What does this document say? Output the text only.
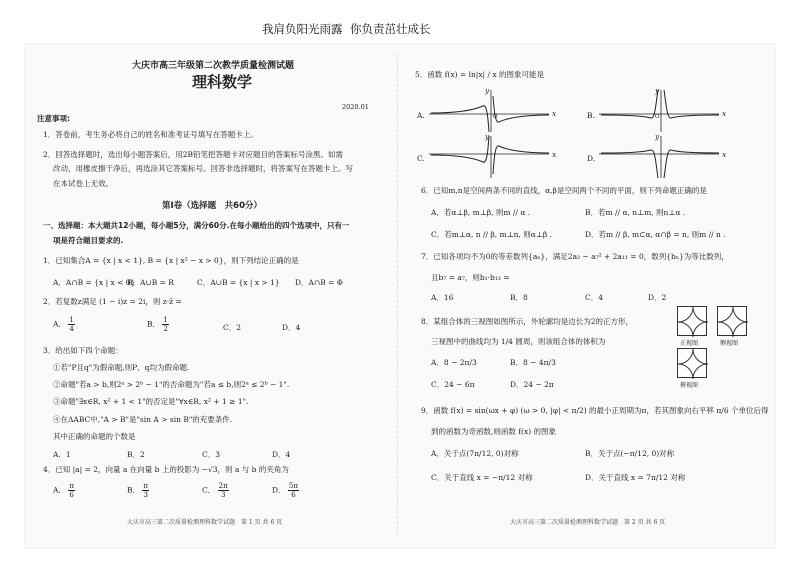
我肩负阳光雨露 你负责茁壮成长
大庆市高三年级第二次教学质量检测试题
理科数学
2020.01
注意事项:
1．答卷前，考生务必将自己的姓名和准考证号填写在答题卡上。
2．回答选择题时，选出每小题答案后，用2B铅笔把答题卡对应题目的答案标号涂黑。如需
改动，用橡皮擦干净后，再选涂其它答案标号。回答非选择题时，将答案写在答题卡上。写
在本试卷上无效。
第Ⅰ卷（选择题　共60分）
一、选择题：本大题共12小题，每小题5分，满分60分.在每小题给出的四个选项中，只有一
项是符合题目要求的.
1．已知集合A = {x | x < 1}, B = {x | x² − x > 0}，则下列结论正确的是
A．A∩B = {x | x < 0}
B．A∪B = R	C．A∪B = {x | x > 1} D．A∩B = Φ
2．若复数z满足 (1 − i)z = 2i，则 z·z̄ =
A． $\frac{1}{4}$	B． $\frac{1}{2}$	C．2	D．4
3．给出如下四个命题：
①若"P且q"为假命题,则P、q均为假命题.
②命题"若a > b,则2ᵃ > 2ᵇ − 1"的否命题为"若a ≤ b,则2ᵃ ≤ 2ᵇ − 1".
③命题"∃x∈R, x² + 1 < 1"的否定是"∀x∈R, x² + 1 ≥ 1".
④在ΔABC中,"A > B"是"sin A > sin B"的充要条件.
其中正确的命题的个数是
A．1	B．2	C．3	D．4
4．已知 |a| = 2，向量 a 在向量 b 上的投影为 −√3，则 a 与 b 的夹角为
A． $\frac{\pi}{6}$	B． $\frac{\pi}{3}$	C． $\frac{2\pi}{3}$	D． $\frac{5\pi}{6}$
大庆市高三第二次质量检测理科数学试题　第 1 页 共 6 页
5．函数 f(x) = ln|x| / x 的图象可能是
A.
y
x
O	B.
y
x
O
C.
y
x	D.
y
x
6．已知m,n是空间两条不同的直线，α,β是空间两个不同的平面，则下列命题正确的是
A．若α⊥β, m⊥β, 则m // α .	B．若m // α, n⊥m, 则n⊥α .
C．若m⊥α, n // β, m⊥n, 则α⊥β .	D．若m // β, m⊂α, α∩β = n, 则m // n .
7．已知各项均不为0的等差数列{aₙ}，满足2a₃ − a₇² + 2a₁₁ = 0，数列{bₙ}为等比数列，
且b₇ = a₇，则b₁·b₁₃ =
A．16	B．8	C．4	D．2
8．某组合体的三视图如图所示，外轮廓均是边长为2的正方形，
三视图中的曲线均为 1/4 圆周，则该组合体的体积为
A．8 − 2π/3	B．8 − 4π/3
C．24 − 6π	D．24 − 2π
正视图	侧视图
俯视图
9．函数 f(x) = sin(ωx + φ) (ω > 0, |φ| < π/2) 的最小正周期为π，若其图象向右平移 π/6 个单位后得
到的函数为奇函数,则函数 f(x) 的图象
A．关于点(7π/12, 0)对称	B．关于点(−π/12, 0)对称
C．关于直线 x = −π/12 对称	D．关于直线 x = 7π/12 对称
大庆市高三第二次质量检测理科数学试题　第 2 页 共 6 页
